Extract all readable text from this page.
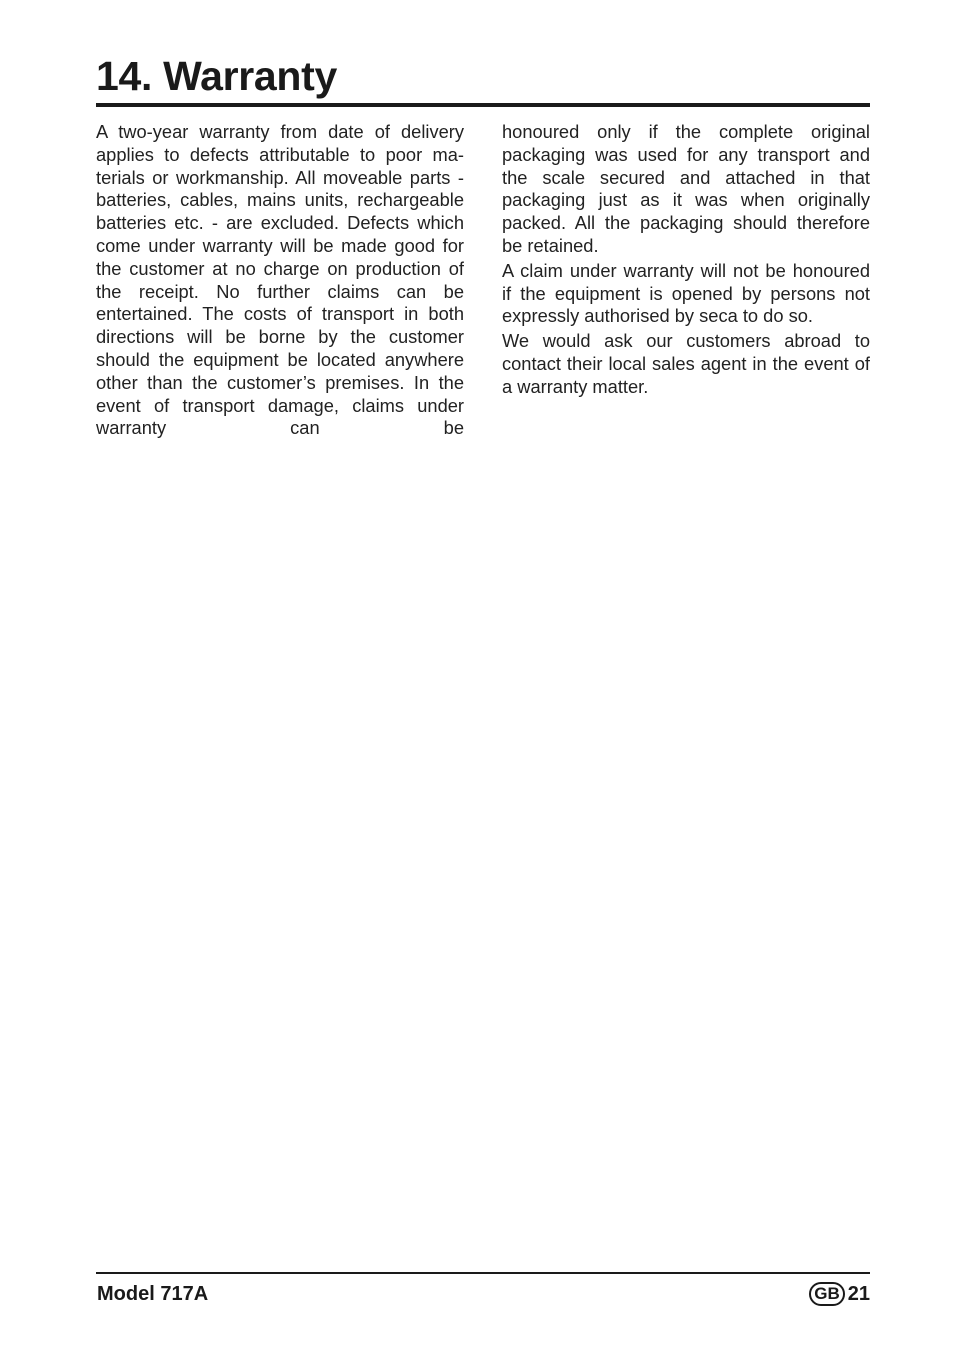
14. Warranty

A two-year warranty from date of delivery applies to defects attributable to poor materials or workmanship. All moveable parts - batteries, cables, mains units, rechargeable batteries etc. - are excluded. Defects which come under warranty will be made good for the customer at no charge on production of the receipt. No further claims can be entertained. The costs of transport in both directions will be borne by the customer should the equipment be located anywhere other than the customer’s premises. In the event of transport damage, claims under warranty can be

honoured only if the complete original packaging was used for any transport and the scale secured and attached in that packaging just as it was when originally packed. All the packaging should therefore be retained.

A claim under warranty will not be honoured if the equipment is opened by persons not expressly authorised by seca to do so.

We would ask our customers abroad to contact their local sales agent in the event of a warranty matter.

Model 717A	GB 21
